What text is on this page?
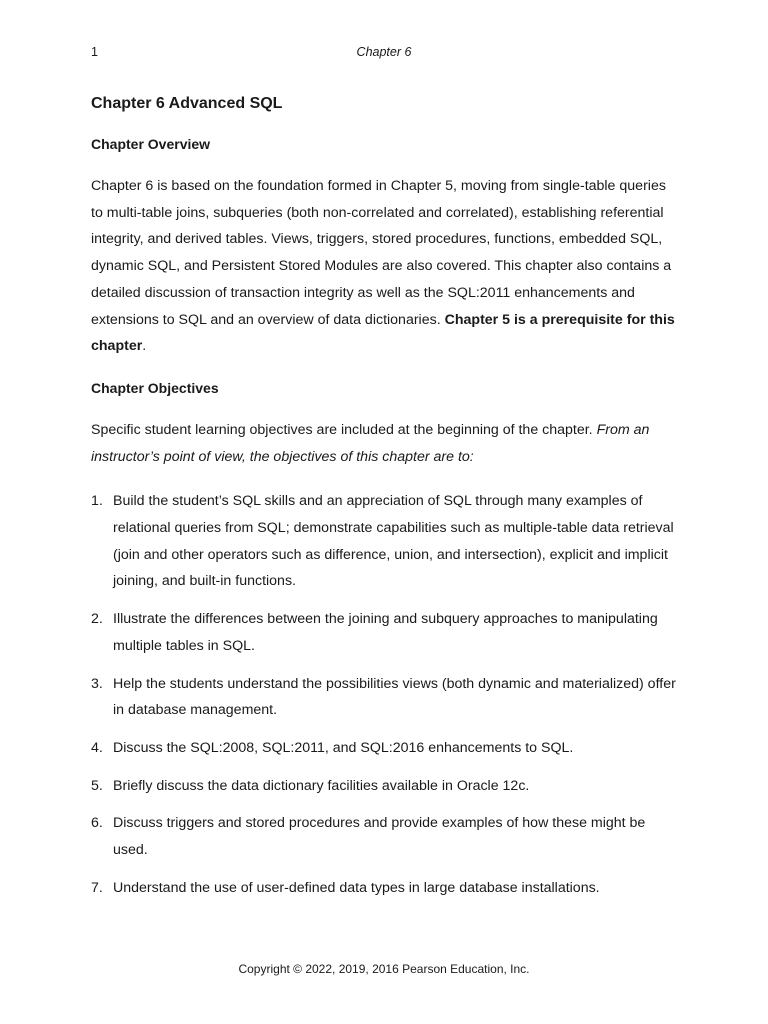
1	Chapter 6
Chapter 6 Advanced SQL
Chapter Overview

Chapter 6 is based on the foundation formed in Chapter 5, moving from single-table queries to multi-table joins, subqueries (both non-correlated and correlated), establishing referential integrity, and derived tables. Views, triggers, stored procedures, functions, embedded SQL, dynamic SQL, and Persistent Stored Modules are also covered. This chapter also contains a detailed discussion of transaction integrity as well as the SQL:2011 enhancements and extensions to SQL and an overview of data dictionaries. Chapter 5 is a prerequisite for this chapter.

Chapter Objectives

Specific student learning objectives are included at the beginning of the chapter. From an instructor’s point of view, the objectives of this chapter are to:

1. Build the student’s SQL skills and an appreciation of SQL through many examples of relational queries from SQL; demonstrate capabilities such as multiple-table data retrieval (join and other operators such as difference, union, and intersection), explicit and implicit joining, and built-in functions.
2. Illustrate the differences between the joining and subquery approaches to manipulating multiple tables in SQL.
3. Help the students understand the possibilities views (both dynamic and materialized) offer in database management.
4. Discuss the SQL:2008, SQL:2011, and SQL:2016 enhancements to SQL.
5. Briefly discuss the data dictionary facilities available in Oracle 12c.
6. Discuss triggers and stored procedures and provide examples of how these might be used.
7. Understand the use of user-defined data types in large database installations.
Copyright © 2022, 2019, 2016 Pearson Education, Inc.
